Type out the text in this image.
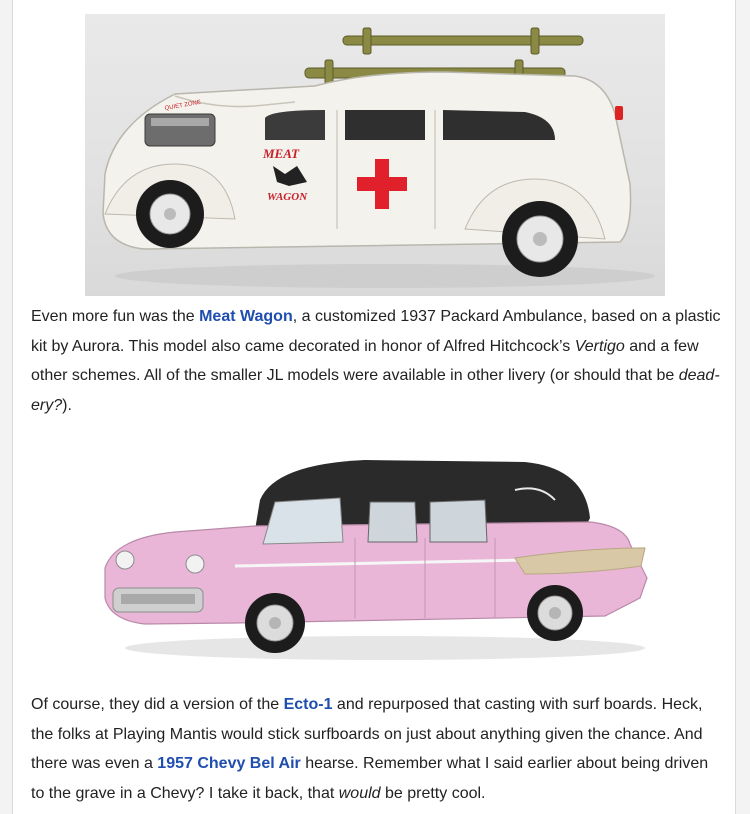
MEAT
WAGON
QUIET ZONE

Even more fun was the Meat Wagon, a customized 1937 Packard Ambulance, based on a plastic kit by Aurora. This model also came decorated in honor of Alfred Hitchcock’s Vertigo and a few other schemes. All of the smaller JL models were available in other livery (or should that be dead-ery?).

Of course, they did a version of the Ecto-1 and repurposed that casting with surf boards. Heck, the folks at Playing Mantis would stick surfboards on just about anything given the chance. And there was even a 1957 Chevy Bel Air hearse. Remember what I said earlier about being driven to the grave in a Chevy? I take it back, that would be pretty cool.
